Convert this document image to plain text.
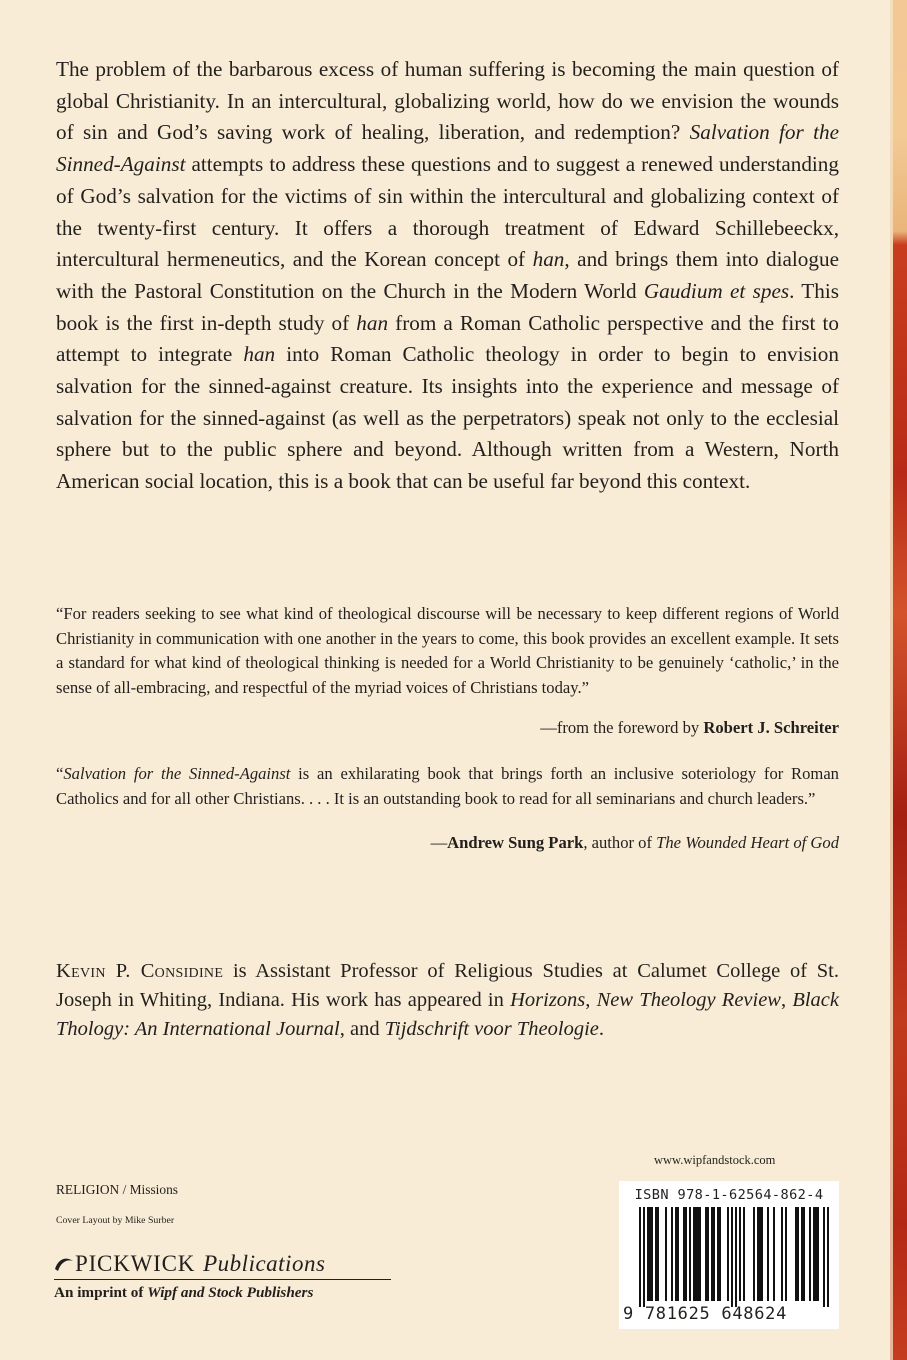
The problem of the barbarous excess of human suffering is becoming the main question of global Christianity. In an intercultural, globalizing world, how do we envision the wounds of sin and God’s saving work of healing, liberation, and redemption? Salvation for the Sinned-Against attempts to address these questions and to suggest a renewed understanding of God’s salvation for the victims of sin within the intercultural and globalizing context of the twenty-first century. It offers a thorough treatment of Edward Schillebeeckx, intercultural hermeneutics, and the Korean concept of han, and brings them into dialogue with the Pastoral Constitution on the Church in the Modern World Gaudium et spes. This book is the first in-depth study of han from a Roman Catholic perspective and the first to attempt to integrate han into Roman Catholic theology in order to begin to envision salvation for the sinned-against creature. Its insights into the experience and message of salvation for the sinned-against (as well as the perpetrators) speak not only to the ecclesial sphere but to the public sphere and beyond. Although written from a Western, North American social location, this is a book that can be useful far beyond this context.

“For readers seeking to see what kind of theological discourse will be necessary to keep different regions of World Christianity in communication with one another in the years to come, this book provides an excellent example. It sets a standard for what kind of theological thinking is needed for a World Christianity to be genuinely ‘catholic,’ in the sense of all-embracing, and respectful of the myriad voices of Christians today.”

—from the foreword by Robert J. Schreiter

“Salvation for the Sinned-Against is an exhilarating book that brings forth an inclusive soteriology for Roman Catholics and for all other Christians. . . . It is an outstanding book to read for all seminarians and church leaders.”

—Andrew Sung Park, author of The Wounded Heart of God

Kevin P. Considine is Assistant Professor of Religious Studies at Calumet College of St. Joseph in Whiting, Indiana. His work has appeared in Horizons, New Theology Review, Black Thology: An International Journal, and Tijdschrift voor Theologie.

www.wipfandstock.com
RELIGION / Missions
Cover Layout by Mike Surber
PICKWICK Publications
An imprint of Wipf and Stock Publishers
ISBN 978-1-62564-862-4
9 781625 648624
